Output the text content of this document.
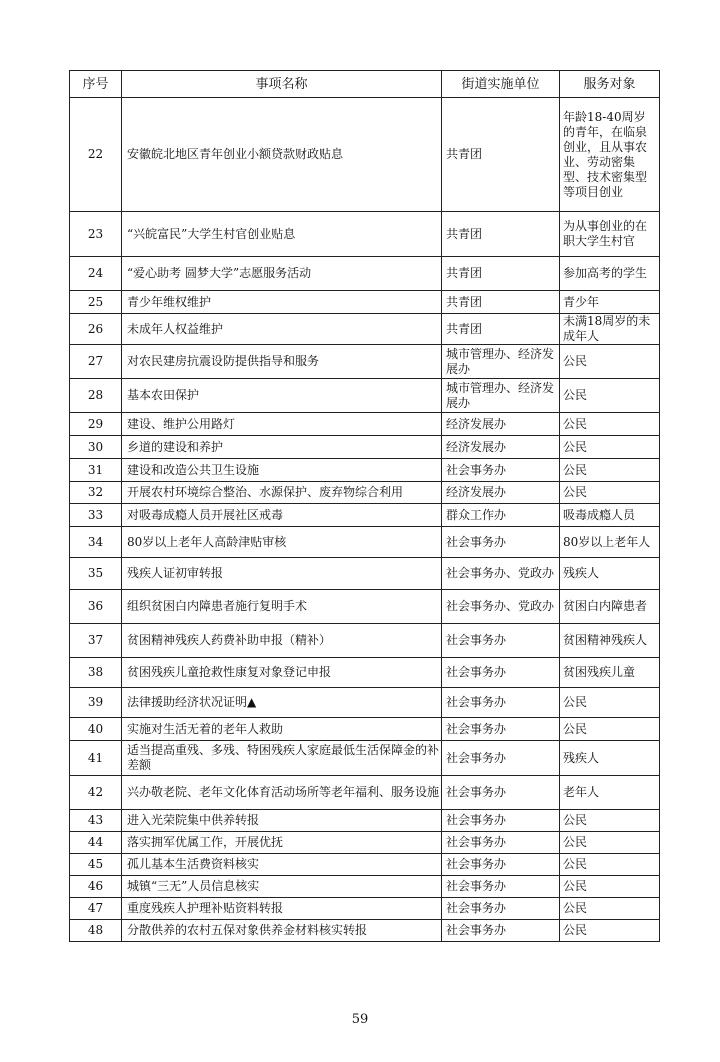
序号	事项名称	街道实施单位	服务对象
22	安徽皖北地区青年创业小额贷款财政贴息	共青团	年龄18-40周岁的青年，在临泉创业，且从事农业、劳动密集型、技术密集型等项目创业
23	“兴皖富民”大学生村官创业贴息	共青团	为从事创业的在职大学生村官
24	“爱心助考 圆梦大学”志愿服务活动	共青团	参加高考的学生
25	青少年维权维护	共青团	青少年
26	未成年人权益维护	共青团	未满18周岁的未成年人
27	对农民建房抗震设防提供指导和服务	城市管理办、经济发展办	公民
28	基本农田保护	城市管理办、经济发展办	公民
29	建设、维护公用路灯	经济发展办	公民
30	乡道的建设和养护	经济发展办	公民
31	建设和改造公共卫生设施	社会事务办	公民
32	开展农村环境综合整治、水源保护、废弃物综合利用	经济发展办	公民
33	对吸毒成瘾人员开展社区戒毒	群众工作办	吸毒成瘾人员
34	80岁以上老年人高龄津贴审核	社会事务办	80岁以上老年人
35	残疾人证初审转报	社会事务办、党政办	残疾人
36	组织贫困白内障患者施行复明手术	社会事务办、党政办	贫困白内障患者
37	贫困精神残疾人药费补助申报（精补）	社会事务办	贫困精神残疾人
38	贫困残疾儿童抢救性康复对象登记申报	社会事务办	贫困残疾儿童
39	法律援助经济状况证明▲	社会事务办	公民
40	实施对生活无着的老年人救助	社会事务办	公民
41	适当提高重残、多残、特困残疾人家庭最低生活保障金的补差额	社会事务办	残疾人
42	兴办敬老院、老年文化体育活动场所等老年福利、服务设施	社会事务办	老年人
43	进入光荣院集中供养转报	社会事务办	公民
44	落实拥军优属工作，开展优抚	社会事务办	公民
45	孤儿基本生活费资料核实	社会事务办	公民
46	城镇“三无”人员信息核实	社会事务办	公民
47	重度残疾人护理补贴资料转报	社会事务办	公民
48	分散供养的农村五保对象供养金材料核实转报	社会事务办	公民
59
